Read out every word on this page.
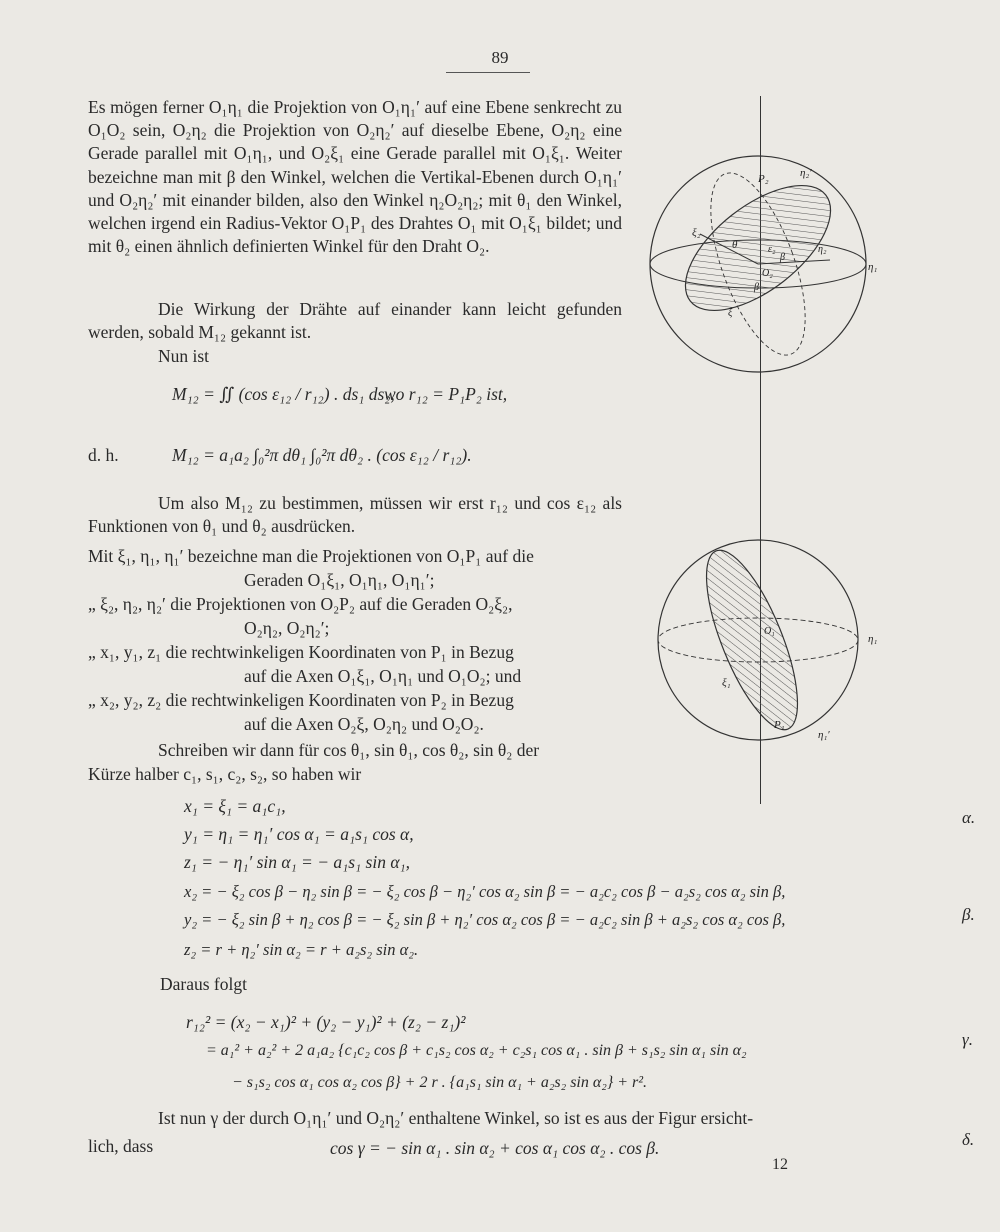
89
Es mögen ferner O₁η₁ die Projektion von O₁η₁′ auf eine Ebene senkrecht zu O₁O₂ sein, O₂η₂ die Projektion von O₂η₂′ auf dieselbe Ebene, O₂η₂ eine Gerade parallel mit O₁η₁, und O₂ξ₁ eine Gerade parallel mit O₁ξ₁. Weiter bezeichne man mit β den Winkel, welchen die Vertikal-Ebenen durch O₁η₁′ und O₂η₂′ mit einander bilden, also den Winkel η₂O₂η₂; mit θ₁ den Winkel, welchen irgend ein Radius-Vektor O₁P₁ des Drahtes O₁ mit O₁ξ₁ bildet; und mit θ₂ einen ähnlich definierten Winkel für den Draht O₂.
Die Wirkung der Drähte auf einander kann leicht gefunden werden, sobald M₁₂ gekannt ist.
Nun ist
M₁₂ = ∬ (cos ε₁₂ / r₁₂) . ds₁ ds₂,
wo r₁₂ = P₁P₂ ist,
d. h.	M₁₂ = a₁a₂ ∫₀²π dθ₁ ∫₀²π dθ₂ . (cos ε₁₂ / r₁₂).
Um also M₁₂ zu bestimmen, müssen wir erst r₁₂ und cos ε₁₂ als Funktionen von θ₁ und θ₂ ausdrücken.
Mit ξ₁, η₁, η₁′ bezeichne man die Projektionen von O₁P₁ auf die
Geraden O₁ξ₁, O₁η₁, O₁η₁′;
„ ξ₂, η₂, η₂′ die Projektionen von O₂P₂ auf die Geraden O₂ξ₂,
O₂η₂, O₂η₂′;
„ x₁, y₁, z₁ die rechtwinkeligen Koordinaten von P₁ in Bezug
auf die Axen O₁ξ₁, O₁η₁ und O₁O₂; und
„ x₂, y₂, z₂ die rechtwinkeligen Koordinaten von P₂ in Bezug
auf die Axen O₂ξ, O₂η₂ und O₂O₂.
Schreiben wir dann für cos θ₁, sin θ₁, cos θ₂, sin θ₂ der
Kürze halber c₁, s₁, c₂, s₂, so haben wir
x₁ = ξ₁ = a₁c₁,
y₁ = η₁ = η₁′ cos α₁ = a₁s₁ cos α,
z₁ = − η₁′ sin α₁ = − a₁s₁ sin α₁,
α.
x₂ = − ξ₂ cos β − η₂ sin β = − ξ₂ cos β − η₂′ cos α₂ sin β = − a₂c₂ cos β − a₂s₂ cos α₂ sin β,
y₂ = − ξ₂ sin β + η₂ cos β = − ξ₂ sin β + η₂′ cos α₂ cos β = − a₂c₂ sin β + a₂s₂ cos α₂ cos β,
z₂ = r + η₂′ sin α₂ = r + a₂s₂ sin α₂.
β.
Daraus folgt
r₁₂² = (x₂ − x₁)² + (y₂ − y₁)² + (z₂ − z₁)²
= a₁² + a₂² + 2 a₁a₂ {c₁c₂ cos β + c₁s₂ cos α₂ + c₂s₁ cos α₁ . sin β + s₁s₂ sin α₁ sin α₂
− s₁s₂ cos α₁ cos α₂ cos β} + 2 r . {a₁s₁ sin α₁ + a₂s₂ sin α₂} + r².
γ.
Ist nun γ der durch O₁η₁′ und O₂η₂′ enthaltene Winkel, so ist es aus der Figur ersicht-
lich, dass	cos γ = − sin α₁ . sin α₂ + cos α₁ cos α₂ . cos β.	δ.
12
P₂	η₂′
ξ₂
θ	ε₂
β
η₂
O₂
β
ξ
η₁
O₁
η₁
ξ₁
P₁
η₁′
